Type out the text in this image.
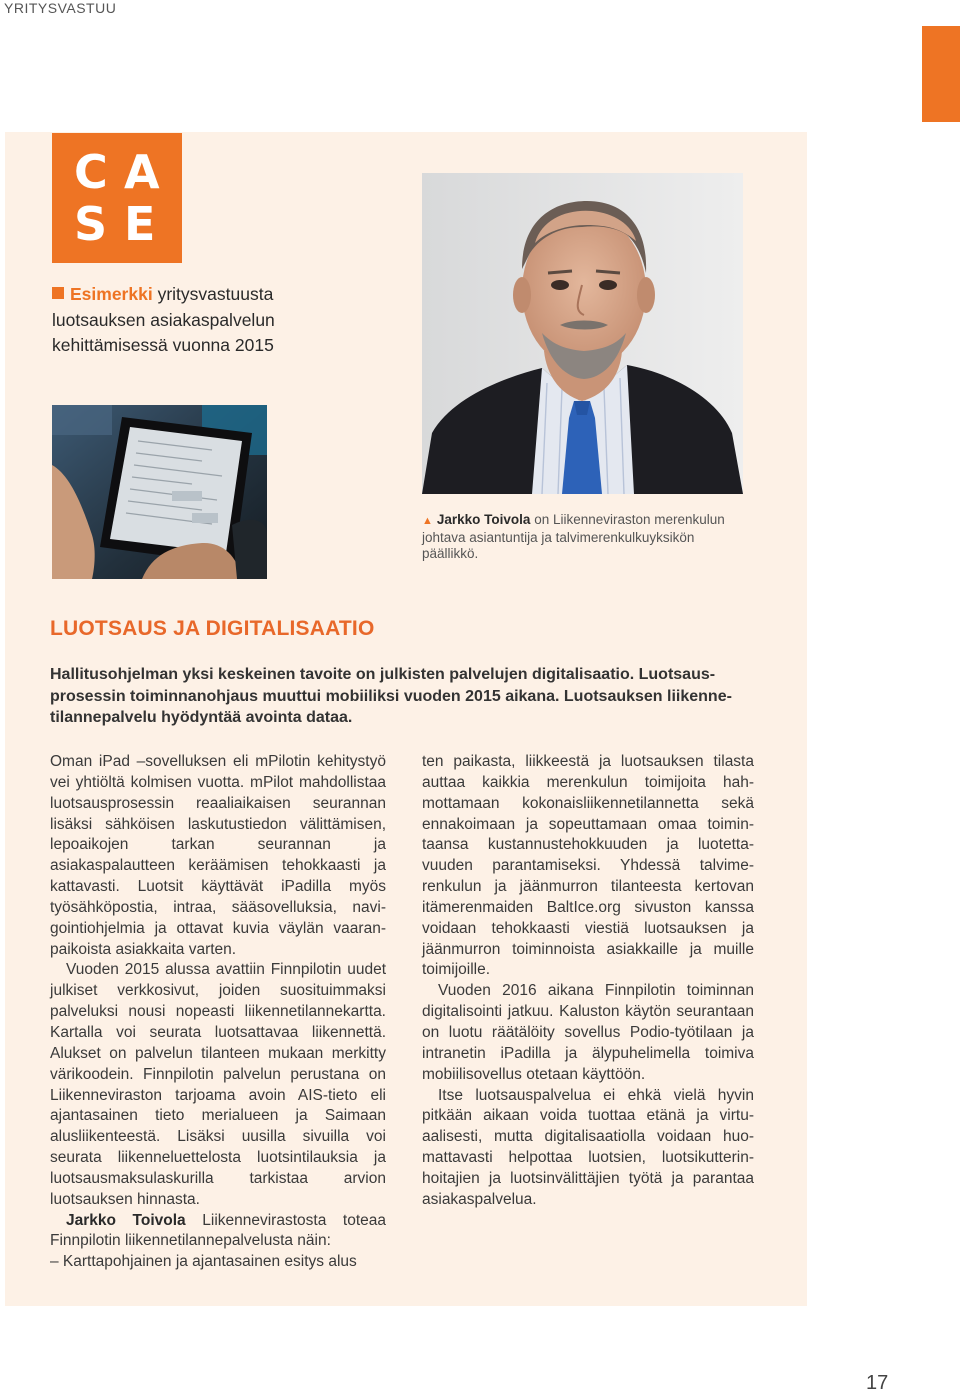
YRITYSVASTUU
C A
S E
Esimerkki yritysvastuusta
luotsauksen asiakaspalvelun
kehittämisessä vuonna 2015
▲ Jarkko Toivola on Liikenneviraston merenkulun johtava asiantuntija ja talvimerenkulkuyksikön päällikkö.
LUOTSAUS JA DIGITALISAATIO
Hallitusohjelman yksi keskeinen tavoite on julkisten palvelujen digitalisaatio. Luotsausprosessin toiminnanohjaus muuttui mobiiliksi vuoden 2015 aikana. Luotsauksen liikennetilannepalvelu hyödyntää avointa dataa.

Oman iPad –sovelluksen eli mPilotin kehitystyö vei yhtiöltä kolmisen vuotta. mPilot mahdollistaa luotsausprosessin reaaliaikaisen seurannan lisäksi sähköisen laskutustiedon välittämisen, lepoaikojen tarkan seurannan ja asiakaspalautteen keräämisen tehokkaasti ja kattavasti. Luotsit käyttävät iPadilla myös työsähköpostia, intraa, sääsovelluksia, navigointiohjelmia ja ottavat kuvia väylän vaaranpaikoista asiakkaita varten.

Vuoden 2015 alussa avattiin Finnpilotin uudet julkiset verkkosivut, joiden suosituimmaksi palveluksi nousi nopeasti liikennetilannekartta. Kartalla voi seurata luotsattavaa liikennettä. Alukset on palvelun tilanteen mukaan merkitty värikoodein. Finnpilotin palvelun perustana on Liikenneviraston tarjoama avoin AIS-tieto eli ajantasainen tieto merialueen ja Saimaan alusliikenteestä. Lisäksi uusilla sivuilla voi seurata liikenneluettelosta luotsintilauksia ja luotsausmaksulaskurilla tarkistaa arvion luotsauksen hinnasta.

Jarkko Toivola Liikennevirastosta toteaa Finnpilotin liikennetilannepalvelusta näin:

– Karttapohjainen ja ajantasainen esitys alus

ten paikasta, liikkeestä ja luotsauksen tilasta auttaa kaikkia merenkulun toimijoita hahmottamaan kokonaisliikennetilannetta sekä ennakoimaan ja sopeuttamaan omaa toimintaansa kustannustehokkuuden ja luotettavuuden parantamiseksi. Yhdessä talvimerenkulun ja jäänmurron tilanteesta kertovan itämerenmaiden BaltIce.org sivuston kanssa voidaan tehokkaasti viestiä luotsauksen ja jäänmurron toiminnoista asiakkaille ja muille toimijoille.

Vuoden 2016 aikana Finnpilotin toiminnan digitalisointi jatkuu. Kaluston käytön seurantaan on luotu räätälöity sovellus Podio-työtilaan ja intranetin iPadilla ja älypuhelimella toimiva mobiilisovellus otetaan käyttöön.

Itse luotsauspalvelua ei ehkä vielä hyvin pitkään aikaan voida tuottaa etänä ja virtuaalisesti, mutta digitalisaatiolla voidaan huomattavasti helpottaa luotsien, luotsikutterinhoitajien ja luotsinvälittäjien työtä ja parantaa asiakaspalvelua.

17
